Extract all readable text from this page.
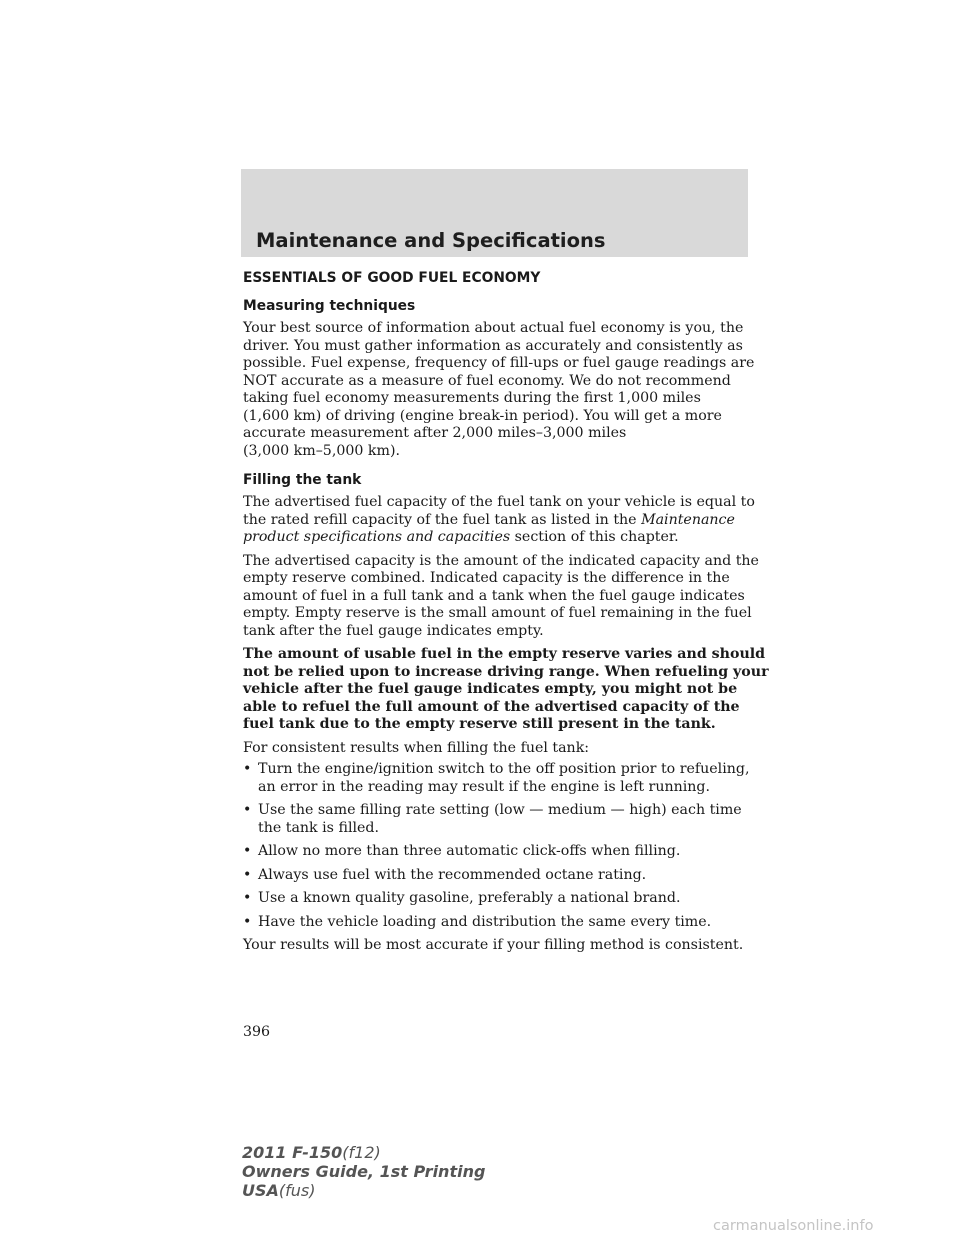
Maintenance and Specifications
ESSENTIALS OF GOOD FUEL ECONOMY
Measuring techniques

Your best source of information about actual fuel economy is you, the
driver. You must gather information as accurately and consistently as
possible. Fuel expense, frequency of fill-ups or fuel gauge readings are
NOT accurate as a measure of fuel economy. We do not recommend
taking fuel economy measurements during the first 1,000 miles
(1,600 km) of driving (engine break-in period). You will get a more
accurate measurement after 2,000 miles–3,000 miles
(3,000 km–5,000 km).

Filling the tank

The advertised fuel capacity of the fuel tank on your vehicle is equal to
the rated refill capacity of the fuel tank as listed in the Maintenance
product specifications and capacities section of this chapter.

The advertised capacity is the amount of the indicated capacity and the
empty reserve combined. Indicated capacity is the difference in the
amount of fuel in a full tank and a tank when the fuel gauge indicates
empty. Empty reserve is the small amount of fuel remaining in the fuel
tank after the fuel gauge indicates empty.

The amount of usable fuel in the empty reserve varies and should
not be relied upon to increase driving range. When refueling your
vehicle after the fuel gauge indicates empty, you might not be
able to refuel the full amount of the advertised capacity of the
fuel tank due to the empty reserve still present in the tank.

For consistent results when filling the fuel tank:

• Turn the engine/ignition switch to the off position prior to refueling,
an error in the reading may result if the engine is left running.
• Use the same filling rate setting (low — medium — high) each time
the tank is filled.
• Allow no more than three automatic click-offs when filling.
• Always use fuel with the recommended octane rating.
• Use a known quality gasoline, preferably a national brand.
• Have the vehicle loading and distribution the same every time.

Your results will be most accurate if your filling method is consistent.

396
2011 F-150(f12)
Owners Guide, 1st Printing
USA(fus)
carmanualsonline.info
